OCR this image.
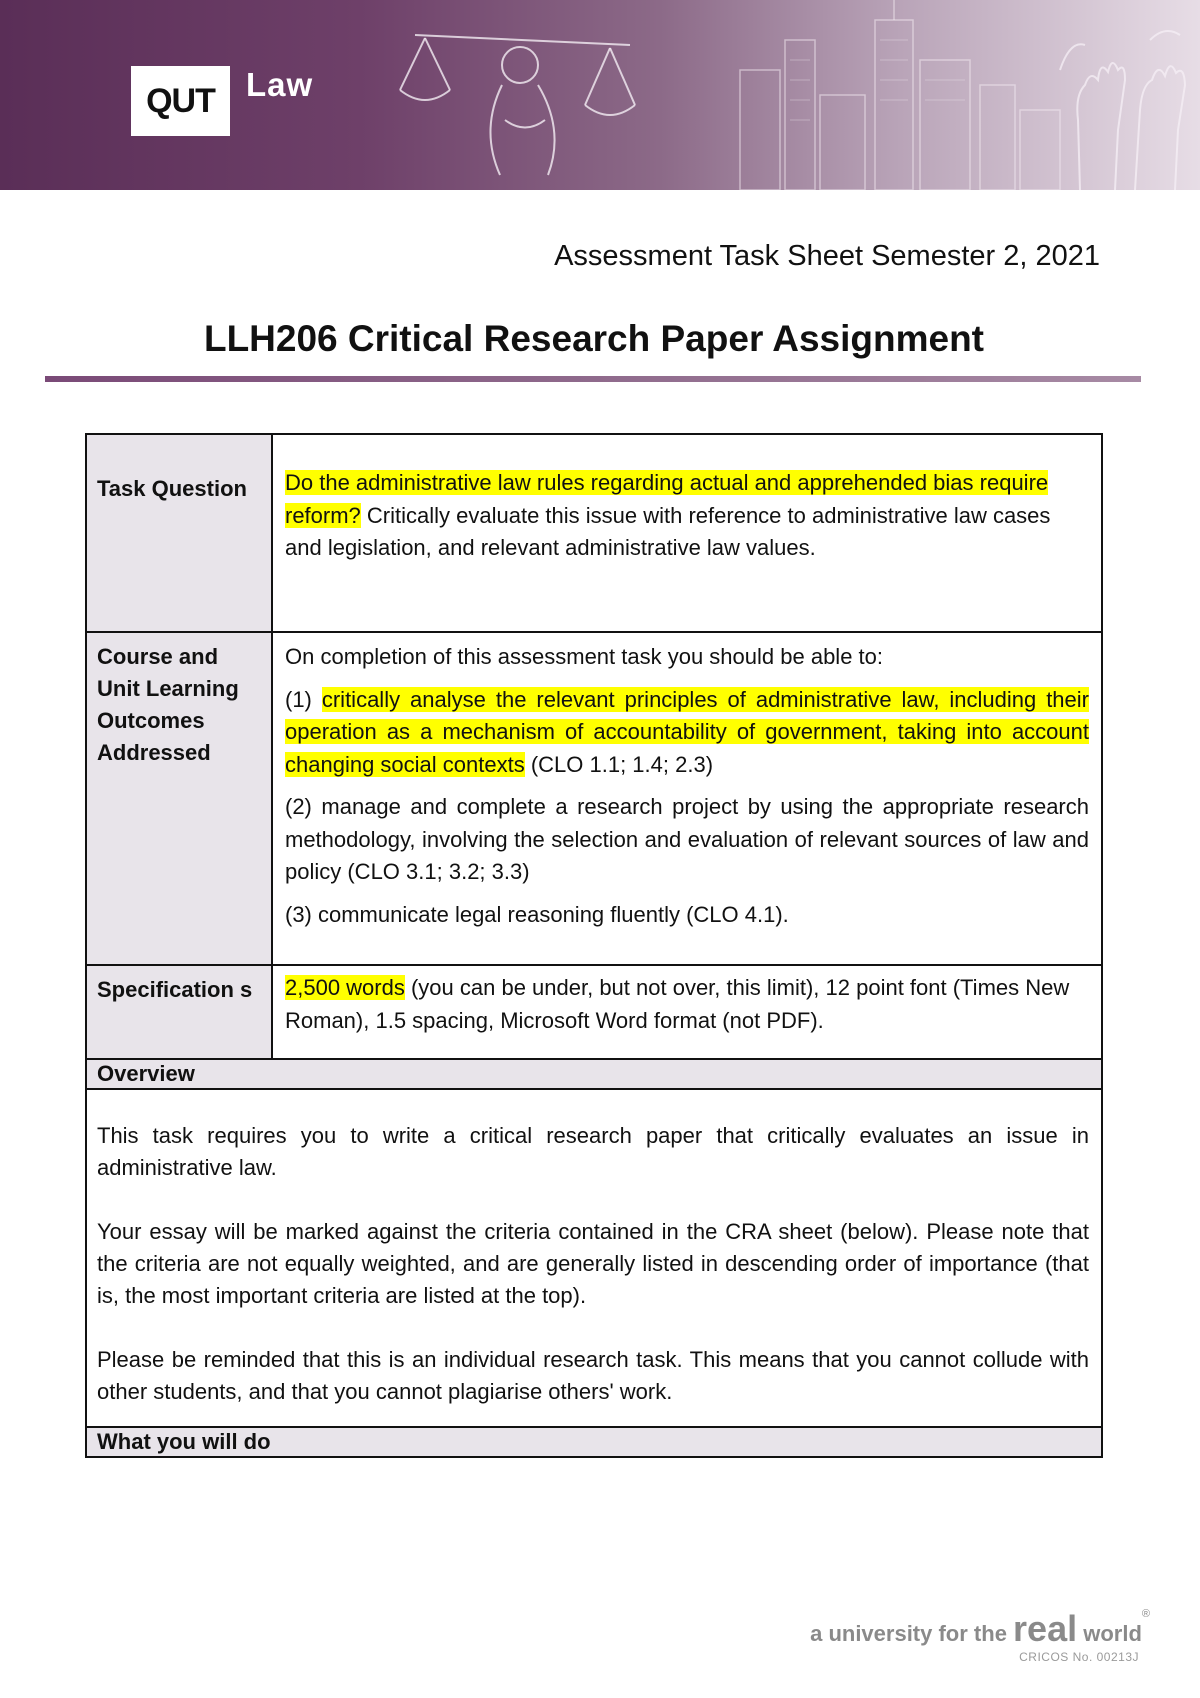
QUT Law
Assessment Task Sheet Semester 2, 2021
LLH206 Critical Research Paper Assignment
Task Question	Do the administrative law rules regarding actual and apprehended bias require reform? Critically evaluate this issue with reference to administrative law cases and legislation, and relevant administrative law values.
Course and Unit Learning Outcomes Addressed

On completion of this assessment task you should be able to:

(1) critically analyse the relevant principles of administrative law, including their operation as a mechanism of accountability of government, taking into account changing social contexts (CLO 1.1; 1.4; 2.3)

(2) manage and complete a research project by using the appropriate research methodology, involving the selection and evaluation of relevant sources of law and policy (CLO 3.1; 3.2; 3.3)

(3) communicate legal reasoning fluently (CLO 4.1).

Specification s	2,500 words (you can be under, but not over, this limit), 12 point font (Times New Roman), 1.5 spacing, Microsoft Word format (not PDF).
Overview

This task requires you to write a critical research paper that critically evaluates an issue in administrative law.

Your essay will be marked against the criteria contained in the CRA sheet (below). Please note that the criteria are not equally weighted, and are generally listed in descending order of importance (that is, the most important criteria are listed at the top).

Please be reminded that this is an individual research task. This means that you cannot collude with other students, and that you cannot plagiarise others' work.

What you will do
a university for the real world®
CRICOS No. 00213J
